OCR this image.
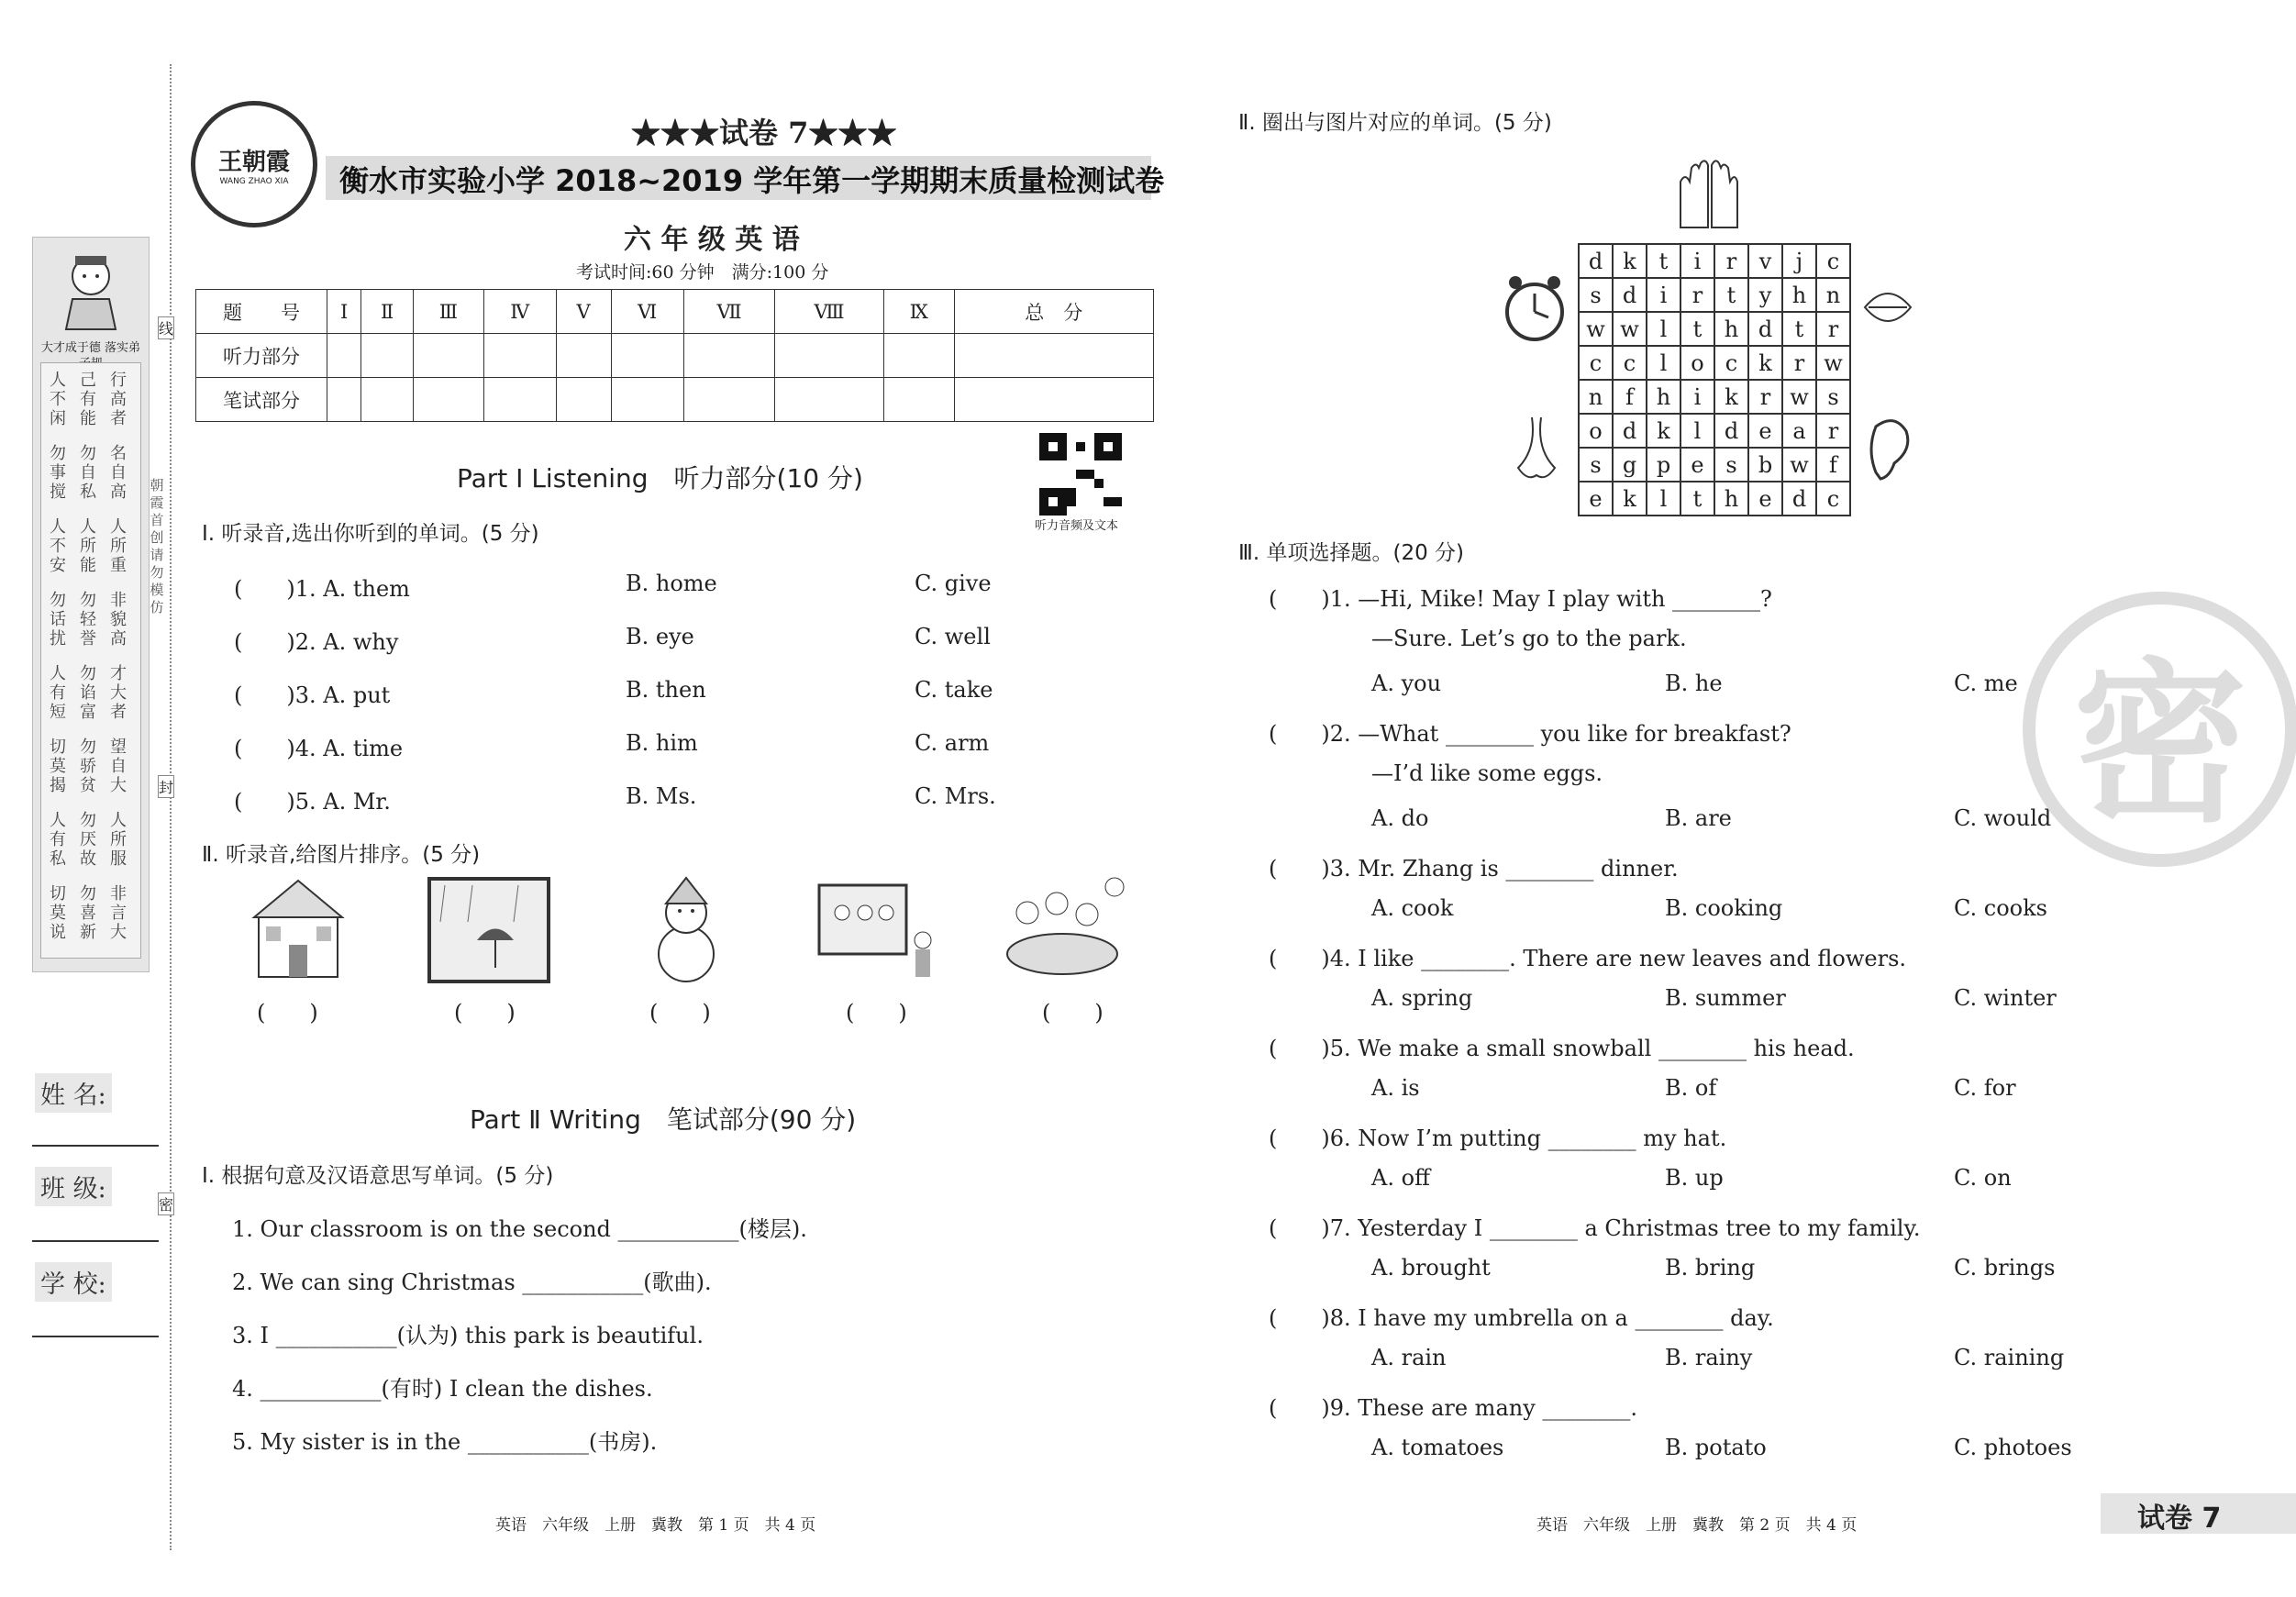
大才成于德 落实弟
人不闲
己有能
行高者
勿事搅
勿自私
名自高
人不安
人所能
人所重
勿话扰
勿轻誉
非貌高
人有短
勿谄富
才大者
切莫揭
勿骄贫
望自大
人有私
勿厌故
人所服
切莫说
勿喜新
非言大
朝霞首创 请勿模仿
线
封
密
姓 名:
班 级:
学 校:
王朝霞
WANG ZHAO XIA
★★★试卷 7★★★
衡水市实验小学 2018~2019 学年第一学期期末质量检测试卷
六 年 级 英 语
考试时间:60 分钟　满分:100 分
题　　号	Ⅰ	Ⅱ	Ⅲ	Ⅳ	Ⅴ	Ⅵ	Ⅶ	Ⅷ	Ⅸ	总　分
听力部分										
笔试部分										
听力音频及文本
Part Ⅰ Listening　听力部分(10 分)
Ⅰ. 听录音,选出你听到的单词。(5 分)
(　　)1. A. them	B. home	C. give
(　　)2. A. why	B. eye	C. well
(　　)3. A. put	B. then	C. take
(　　)4. A. time	B. him	C. arm
(　　)5. A. Mr.	B. Ms.	C. Mrs.
Ⅱ. 听录音,给图片排序。(5 分)
(　　)	(　　)	(　　)	(　　)	(　　)
Part Ⅱ Writing　笔试部分(90 分)
Ⅰ. 根据句意及汉语意思写单词。(5 分)
1. Our classroom is on the second ___________(楼层).
2. We can sing Christmas ___________(歌曲).
3. I ___________(认为) this park is beautiful.
4. ___________(有时) I clean the dishes.
5. My sister is in the ___________(书房).
Ⅱ. 圈出与图片对应的单词。(5 分)
d	k	t	i	r	v	j	c
s	d	i	r	t	y	h	n
w	w	l	t	h	d	t	r
c	c	l	o	c	k	r	w
n	f	h	i	k	r	w	s
o	d	k	l	d	e	a	r
s	g	p	e	s	b	w	f
e	k	l	t	h	e	d	c
Ⅲ. 单项选择题。(20 分)
(　　)1. —Hi, Mike! May I play with ________?
—Sure. Let’s go to the park.
A. you	B. he	C. me
(　　)2. —What ________ you like for breakfast?
—I’d like some eggs.
A. do	B. are	C. would
(　　)3. Mr. Zhang is ________ dinner.
A. cook	B. cooking	C. cooks
(　　)4. I like ________. There are new leaves and flowers.
A. spring	B. summer	C. winter
(　　)5. We make a small snowball ________ his head.
A. is	B. of	C. for
(　　)6. Now I’m putting ________ my hat.
A. off	B. up	C. on
(　　)7. Yesterday I ________ a Christmas tree to my family.
A. brought	B. bring	C. brings
(　　)8. I have my umbrella on a ________ day.
A. rain	B. rainy	C. raining
(　　)9. These are many ________.
A. tomatoes	B. potato	C. photoes
密
英语　六年级　上册　冀教　第 1 页　共 4 页	英语　六年级　上册　冀教　第 2 页　共 4 页	试卷 7
